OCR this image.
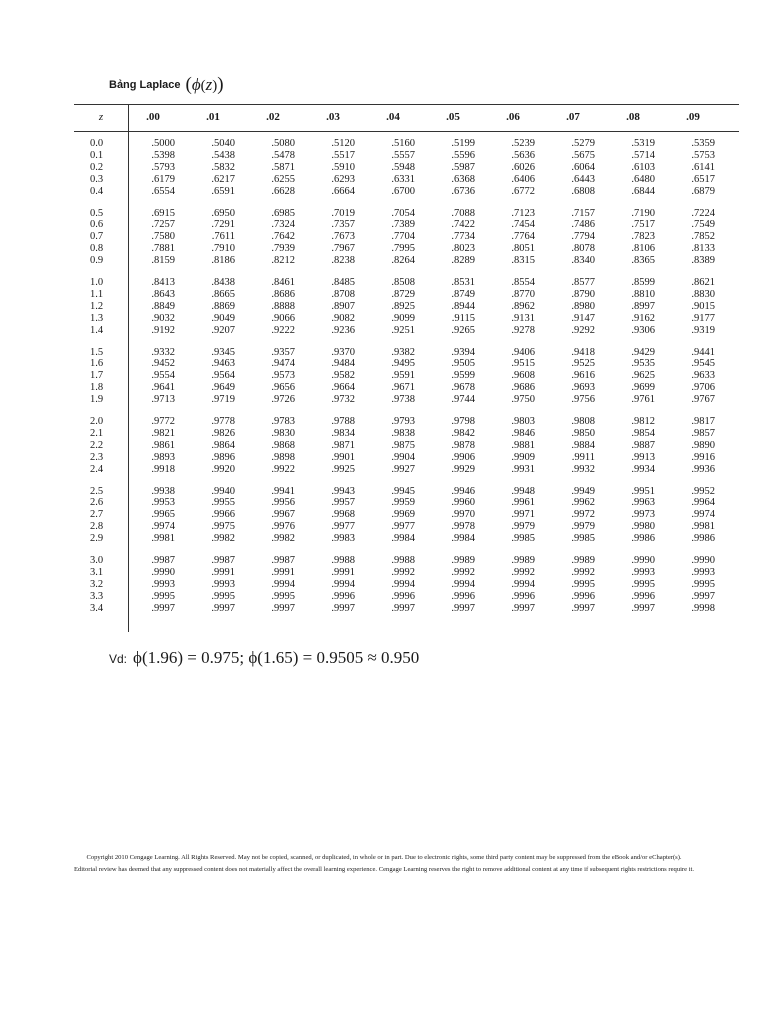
Bảng Laplace (ϕ(z))
z	.00	.01	.02	.03	.04	.05	.06	.07	.08	.09
0.0	.5000	.5040	.5080	.5120	.5160	.5199	.5239	.5279	.5319	.5359
0.1	.5398	.5438	.5478	.5517	.5557	.5596	.5636	.5675	.5714	.5753
0.2	.5793	.5832	.5871	.5910	.5948	.5987	.6026	.6064	.6103	.6141
0.3	.6179	.6217	.6255	.6293	.6331	.6368	.6406	.6443	.6480	.6517
0.4	.6554	.6591	.6628	.6664	.6700	.6736	.6772	.6808	.6844	.6879
0.5	.6915	.6950	.6985	.7019	.7054	.7088	.7123	.7157	.7190	.7224
0.6	.7257	.7291	.7324	.7357	.7389	.7422	.7454	.7486	.7517	.7549
0.7	.7580	.7611	.7642	.7673	.7704	.7734	.7764	.7794	.7823	.7852
0.8	.7881	.7910	.7939	.7967	.7995	.8023	.8051	.8078	.8106	.8133
0.9	.8159	.8186	.8212	.8238	.8264	.8289	.8315	.8340	.8365	.8389
1.0	.8413	.8438	.8461	.8485	.8508	.8531	.8554	.8577	.8599	.8621
1.1	.8643	.8665	.8686	.8708	.8729	.8749	.8770	.8790	.8810	.8830
1.2	.8849	.8869	.8888	.8907	.8925	.8944	.8962	.8980	.8997	.9015
1.3	.9032	.9049	.9066	.9082	.9099	.9115	.9131	.9147	.9162	.9177
1.4	.9192	.9207	.9222	.9236	.9251	.9265	.9278	.9292	.9306	.9319
1.5	.9332	.9345	.9357	.9370	.9382	.9394	.9406	.9418	.9429	.9441
1.6	.9452	.9463	.9474	.9484	.9495	.9505	.9515	.9525	.9535	.9545
1.7	.9554	.9564	.9573	.9582	.9591	.9599	.9608	.9616	.9625	.9633
1.8	.9641	.9649	.9656	.9664	.9671	.9678	.9686	.9693	.9699	.9706
1.9	.9713	.9719	.9726	.9732	.9738	.9744	.9750	.9756	.9761	.9767
2.0	.9772	.9778	.9783	.9788	.9793	.9798	.9803	.9808	.9812	.9817
2.1	.9821	.9826	.9830	.9834	.9838	.9842	.9846	.9850	.9854	.9857
2.2	.9861	.9864	.9868	.9871	.9875	.9878	.9881	.9884	.9887	.9890
2.3	.9893	.9896	.9898	.9901	.9904	.9906	.9909	.9911	.9913	.9916
2.4	.9918	.9920	.9922	.9925	.9927	.9929	.9931	.9932	.9934	.9936
2.5	.9938	.9940	.9941	.9943	.9945	.9946	.9948	.9949	.9951	.9952
2.6	.9953	.9955	.9956	.9957	.9959	.9960	.9961	.9962	.9963	.9964
2.7	.9965	.9966	.9967	.9968	.9969	.9970	.9971	.9972	.9973	.9974
2.8	.9974	.9975	.9976	.9977	.9977	.9978	.9979	.9979	.9980	.9981
2.9	.9981	.9982	.9982	.9983	.9984	.9984	.9985	.9985	.9986	.9986
3.0	.9987	.9987	.9987	.9988	.9988	.9989	.9989	.9989	.9990	.9990
3.1	.9990	.9991	.9991	.9991	.9992	.9992	.9992	.9992	.9993	.9993
3.2	.9993	.9993	.9994	.9994	.9994	.9994	.9994	.9995	.9995	.9995
3.3	.9995	.9995	.9995	.9996	.9996	.9996	.9996	.9996	.9996	.9997
3.4	.9997	.9997	.9997	.9997	.9997	.9997	.9997	.9997	.9997	.9998
Vd: ϕ(1.96) = 0.975; ϕ(1.65) = 0.9505 ≈ 0.950
Copyright 2010 Cengage Learning. All Rights Reserved. May not be copied, scanned, or duplicated, in whole or in part. Due to electronic rights, some third party content may be suppressed from the eBook and/or eChapter(s).
Editorial review has deemed that any suppressed content does not materially affect the overall learning experience. Cengage Learning reserves the right to remove additional content at any time if subsequent rights restrictions require it.
